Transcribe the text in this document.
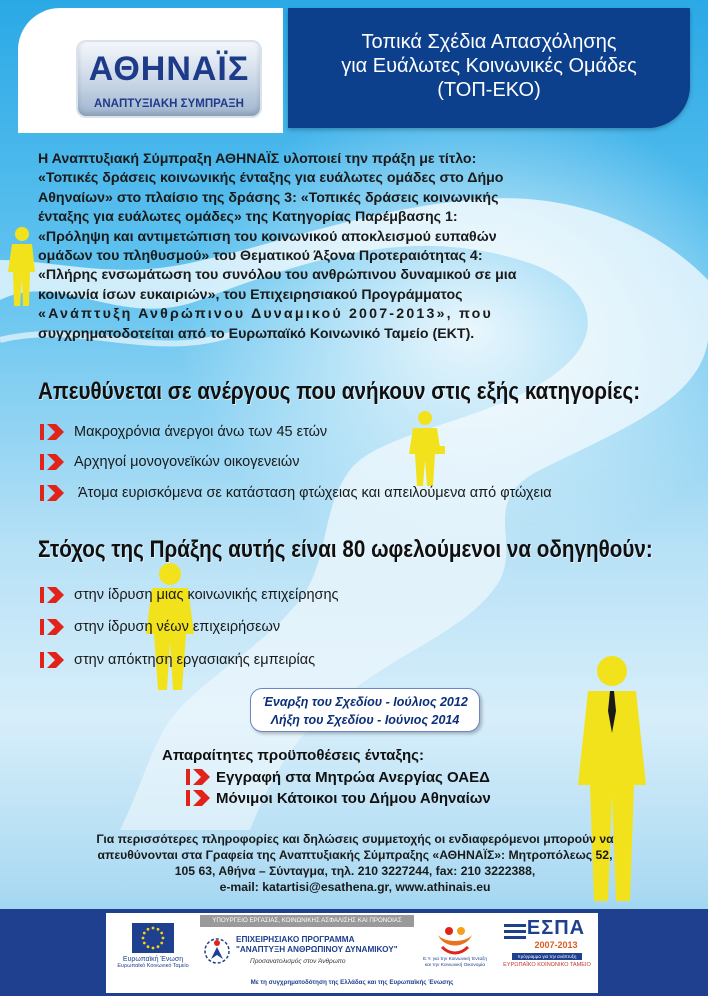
ΑΘΗΝΑΪΣ
ΑΝΑΠΤΥΞΙΑΚΗ ΣΥΜΠΡΑΞΗ
Τοπικά Σχέδια Απασχόλησης
για Ευάλωτες Κοινωνικές Ομάδες
(ΤΟΠ-ΕΚΟ)
Η Αναπτυξιακή Σύμπραξη ΑΘΗΝΑΪΣ υλοποιεί την πράξη με τίτλο:
«Τοπικές δράσεις κοινωνικής ένταξης για ευάλωτες ομάδες στο Δήμο
Αθηναίων» στο πλαίσιο της δράσης 3: «Τοπικές δράσεις κοινωνικής
ένταξης για ευάλωτες ομάδες» της Κατηγορίας Παρέμβασης 1:
«Πρόληψη και αντιμετώπιση του κοινωνικού αποκλεισμού ευπαθών
ομάδων του πληθυσμού» του Θεματικού Άξονα Προτεραιότητας 4:
«Πλήρης ενσωμάτωση του συνόλου του ανθρώπινου δυναμικού σε μια
κοινωνία ίσων ευκαιριών», του Επιχειρησιακού Προγράμματος
«Ανάπτυξη Ανθρώπινου Δυναμικού 2007-2013», που
συγχρηματοδοτείται από το Ευρωπαϊκό Κοινωνικό Ταμείο (ΕΚΤ).
Απευθύνεται σε ανέργους που ανήκουν στις εξής κατηγορίες:
Μακροχρόνια άνεργοι άνω των 45 ετών
Αρχηγοί μονογονεϊκών οικογενειών
Άτομα ευρισκόμενα σε κατάσταση φτώχειας και απειλούμενα από φτώχεια
Στόχος της Πράξης αυτής είναι 80 ωφελούμενοι να οδηγηθούν:
στην ίδρυση μιας κοινωνικής επιχείρησης
στην ίδρυση νέων επιχειρήσεων
στην απόκτηση εργασιακής εμπειρίας
Έναρξη του Σχεδίου - Ιούλιος 2012
Λήξη του Σχεδίου - Ιούνιος 2014
Απαραίτητες προϋποθέσεις ένταξης:
Εγγραφή στα Μητρώα Ανεργίας ΟΑΕΔ
Μόνιμοι Κάτοικοι του Δήμου Αθηναίων
Για περισσότερες πληροφορίες και δηλώσεις συμμετοχής οι ενδιαφερόμενοι μπορούν να
απευθύνονται στα Γραφεία της Αναπτυξιακής Σύμπραξης «ΑΘΗΝΑΪΣ»: Μητροπόλεως 52,
105 63, Αθήνα – Σύνταγμα, τηλ. 210 3227244, fax: 210 3222388,
e-mail: katartisi@esathena.gr, www.athinais.eu
Ευρωπαϊκή Ένωση
Ευρωπαϊκό Κοινωνικό Ταμείο
ΥΠΟΥΡΓΕΙΟ ΕΡΓΑΣΙΑΣ, ΚΟΙΝΩΝΙΚΗΣ ΑΣΦΑΛΙΣΗΣ ΚΑΙ ΠΡΟΝΟΙΑΣ
ΕΠΙΧΕΙΡΗΣΙΑΚΟ ΠΡΟΓΡΑΜΜΑ
"ΑΝΑΠΤΥΞΗ ΑΝΘΡΩΠΙΝΟΥ ΔΥΝΑΜΙΚΟΥ"
Προσανατολισμός στον Άνθρωπο	Ε.Υ. για την Κοινωνική Ένταξη
και την Κοινωνική Οικονομία
ΕΣΠΑ
2007-2013
πρόγραμμα για την ανάπτυξη
ΕΥΡΩΠΑΪΚΟ ΚΟΙΝΩΝΙΚΟ ΤΑΜΕΙΟ
Με τη συγχρηματοδότηση της Ελλάδας και της Ευρωπαϊκής Ένωσης
